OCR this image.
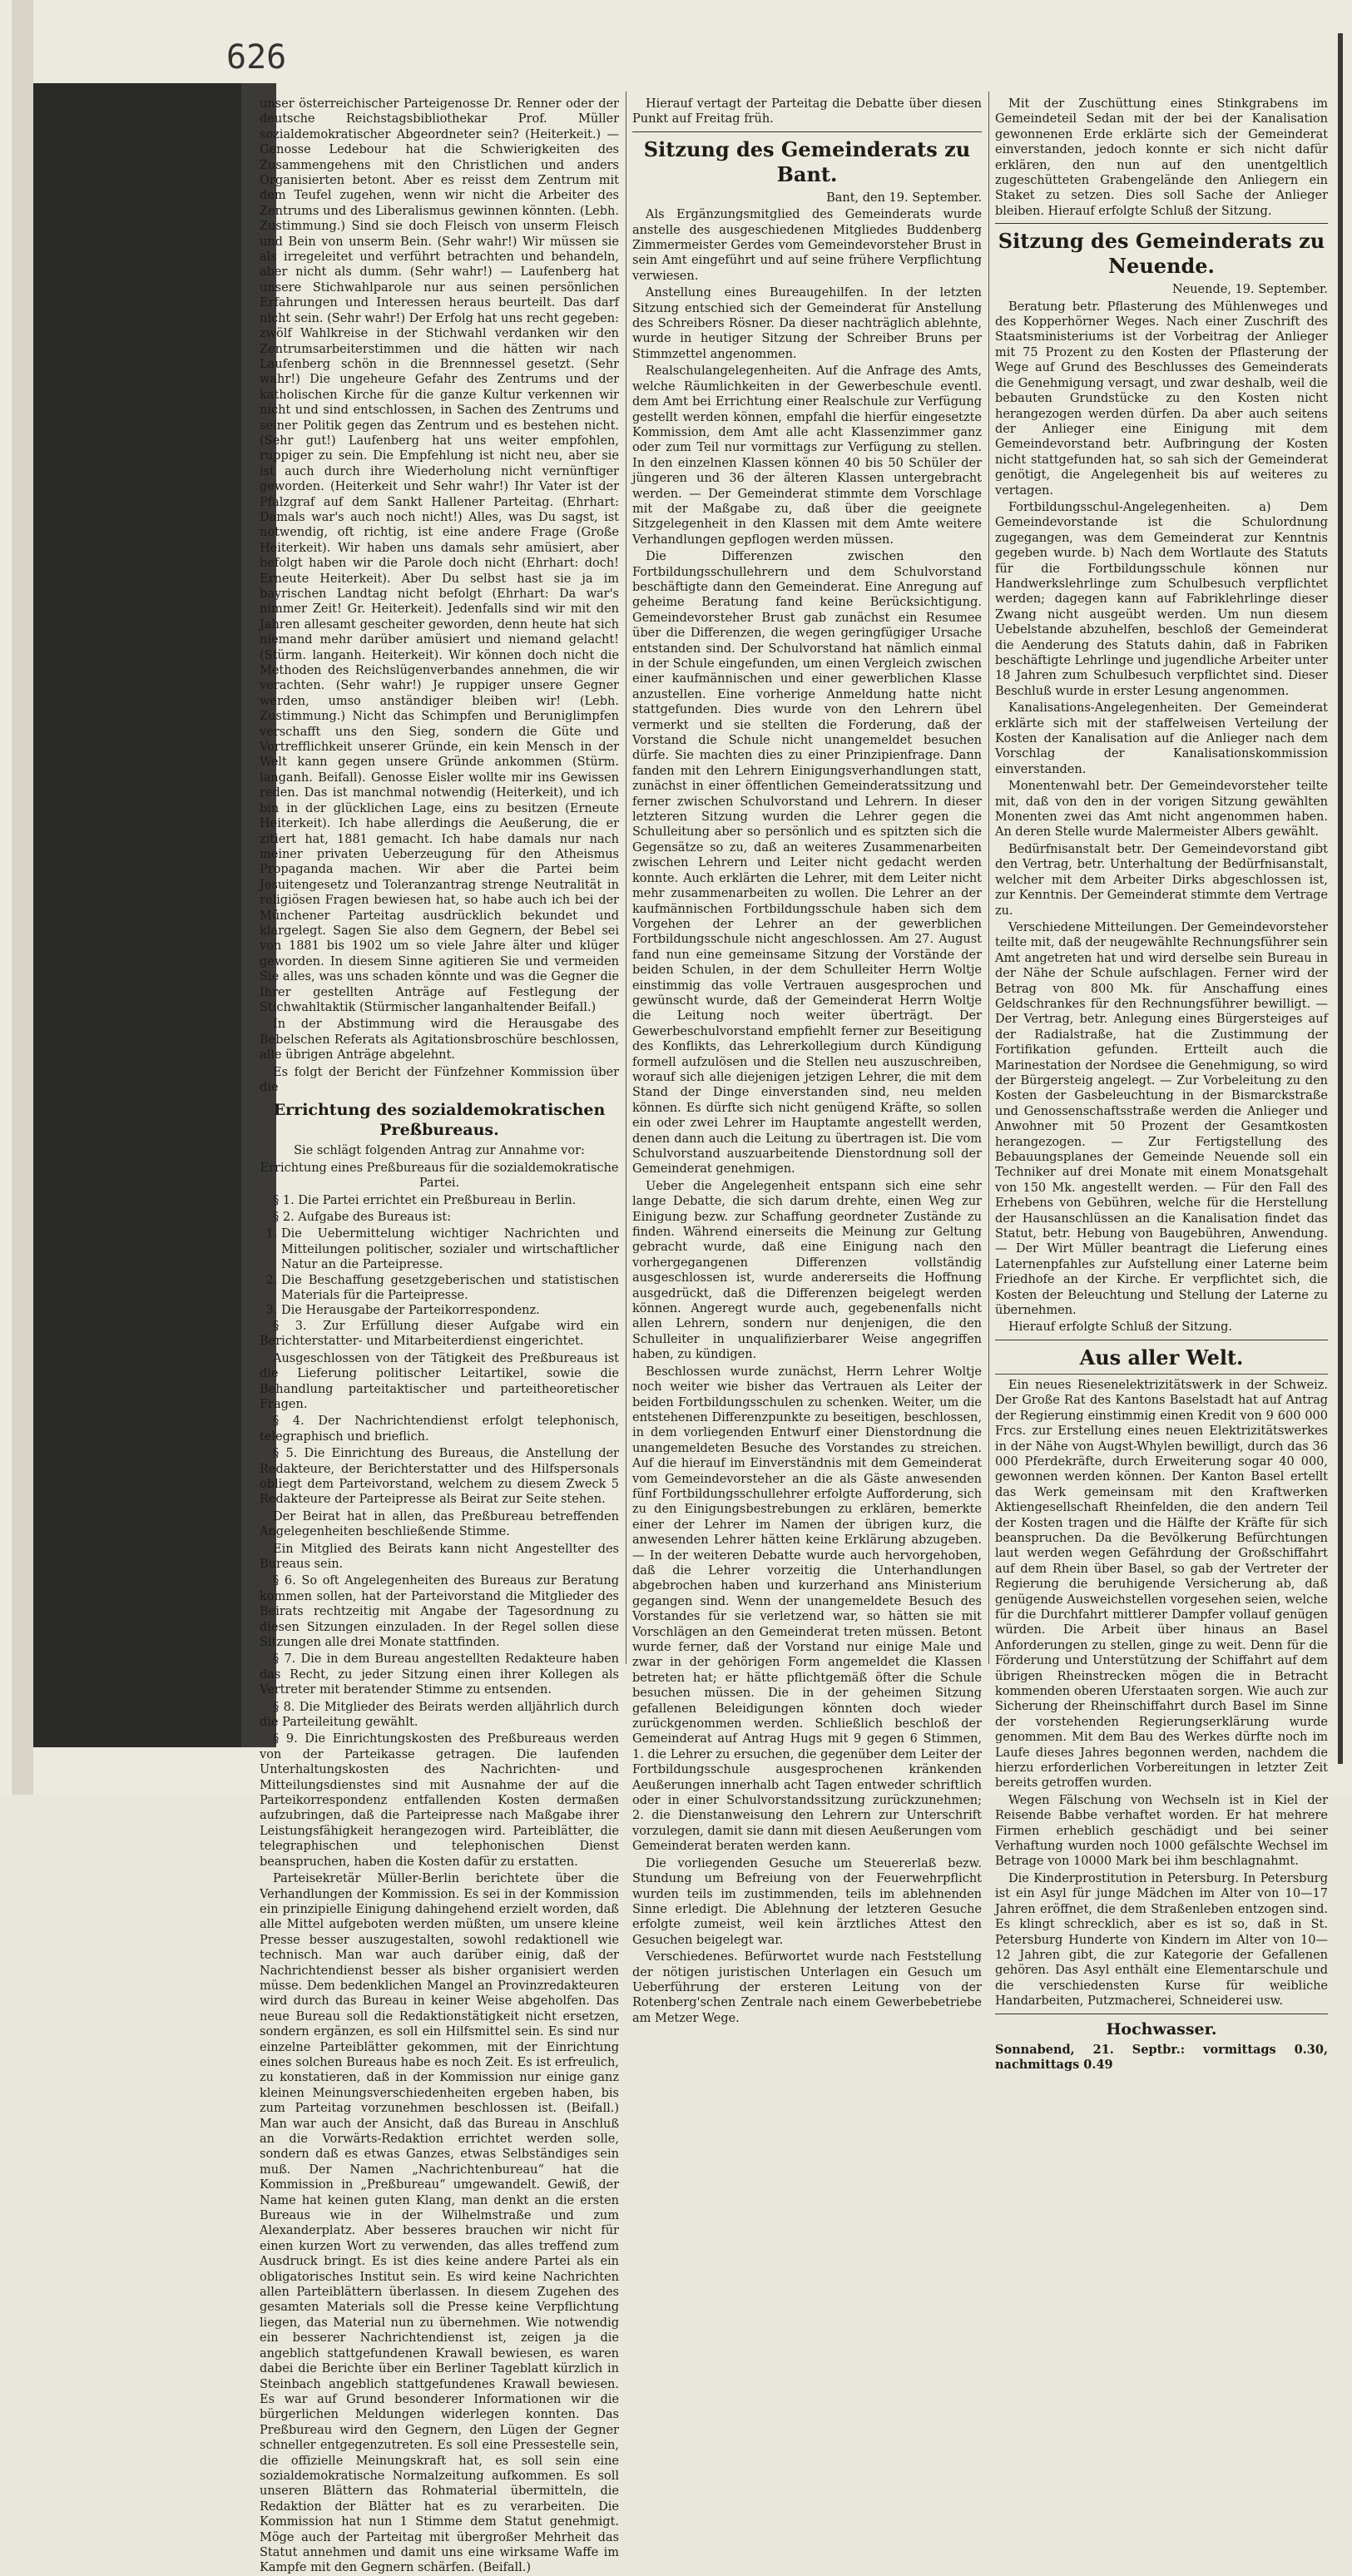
626

unser österreichischer Parteigenosse Dr. Renner oder der deutsche Reichstagsbibliothekar Prof. Müller sozialdemokratischer Abgeordneter sein? (Heiterkeit.) — Genosse Ledebour hat die Schwierigkeiten des Zusammengehens mit den Christlichen und anders Organisierten betont. Aber es reisst dem Zentrum mit dem Teufel zugehen, wenn wir nicht die Arbeiter des Zentrums und des Liberalismus gewinnen könnten. (Lebh. Zustimmung.) Sind sie doch Fleisch von unserm Fleisch und Bein von unserm Bein. (Sehr wahr!) Wir müssen sie als irregeleitet und verführt betrachten und behandeln, aber nicht als dumm. (Sehr wahr!) — Laufenberg hat unsere Stichwahlparole nur aus seinen persönlichen Erfahrungen und Interessen heraus beurteilt. Das darf nicht sein. (Sehr wahr!) Der Erfolg hat uns recht gegeben: zwölf Wahlkreise in der Stichwahl verdanken wir den Zentrumsarbeiterstimmen und die hätten wir nach Laufenberg schön in die Brennnessel gesetzt. (Sehr wahr!) Die ungeheure Gefahr des Zentrums und der katholischen Kirche für die ganze Kultur verkennen wir nicht und sind entschlossen, in Sachen des Zentrums und seiner Politik gegen das Zentrum und es bestehen nicht. (Sehr gut!) Laufenberg hat uns weiter empfohlen, ruppiger zu sein. Die Empfehlung ist nicht neu, aber sie ist auch durch ihre Wiederholung nicht vernünftiger geworden. (Heiterkeit und Sehr wahr!) Ihr Vater ist der Pfalzgraf auf dem Sankt Hallener Parteitag. (Ehrhart: Damals war's auch noch nicht!) Alles, was Du sagst, ist notwendig, oft richtig, ist eine andere Frage (Große Heiterkeit). Wir haben uns damals sehr amüsiert, aber befolgt haben wir die Parole doch nicht (Ehrhart: doch! Erneute Heiterkeit). Aber Du selbst hast sie ja im bayrischen Landtag nicht befolgt (Ehrhart: Da war's nimmer Zeit! Gr. Heiterkeit). Jedenfalls sind wir mit den Jahren allesamt gescheiter geworden, denn heute hat sich niemand mehr darüber amüsiert und niemand gelacht! (Stürm. langanh. Heiterkeit). Wir können doch nicht die Methoden des Reichslügenverbandes annehmen, die wir verachten. (Sehr wahr!) Je ruppiger unsere Gegner werden, umso anständiger bleiben wir! (Lebh. Zustimmung.) Nicht das Schimpfen und Beruniglimpfen verschafft uns den Sieg, sondern die Güte und Vortrefflichkeit unserer Gründe, ein kein Mensch in der Welt kann gegen unsere Gründe ankommen (Stürm. langanh. Beifall). Genosse Eisler wollte mir ins Gewissen reden. Das ist manchmal notwendig (Heiterkeit), und ich bin in der glücklichen Lage, eins zu besitzen (Erneute Heiterkeit). Ich habe allerdings die Aeußerung, die er zitiert hat, 1881 gemacht. Ich habe damals nur nach meiner privaten Ueberzeugung für den Atheismus Propaganda machen. Wir aber die Partei beim Jesuitengesetz und Toleranzantrag strenge Neutralität in religiösen Fragen bewiesen hat, so habe auch ich bei der Münchener Parteitag ausdrücklich bekundet und klargelegt. Sagen Sie also dem Gegnern, der Bebel sei von 1881 bis 1902 um so viele Jahre älter und klüger geworden. In diesem Sinne agitieren Sie und vermeiden Sie alles, was uns schaden könnte und was die Gegner die Ihrer gestellten Anträge auf Festlegung der Stichwahltaktik (Stürmischer langanhaltender Beifall.)

In der Abstimmung wird die Herausgabe des Bebelschen Referats als Agitationsbroschüre beschlossen, alle übrigen Anträge abgelehnt.

Es folgt der Bericht der Fünfzehner Kommission über die

Errichtung des sozialdemokratischen Preßbureaus.

Sie schlägt folgenden Antrag zur Annahme vor:

Errichtung eines Preßbureaus für die sozialdemokratische Partei.

§ 1. Die Partei errichtet ein Preßbureau in Berlin.

§ 2. Aufgabe des Bureaus ist:

1. Die Uebermittelung wichtiger Nachrichten und Mitteilungen politischer, sozialer und wirtschaftlicher Natur an die Parteipresse.
2. Die Beschaffung gesetzgeberischen und statistischen Materials für die Parteipresse.
3. Die Herausgabe der Parteikorrespondenz.

§ 3. Zur Erfüllung dieser Aufgabe wird ein Berichterstatter- und Mitarbeiterdienst eingerichtet.

Ausgeschlossen von der Tätigkeit des Preßbureaus ist die Lieferung politischer Leitartikel, sowie die Behandlung parteitaktischer und parteitheoretischer Fragen.

§ 4. Der Nachrichtendienst erfolgt telephonisch, telegraphisch und brieflich.

§ 5. Die Einrichtung des Bureaus, die Anstellung der Redakteure, der Berichterstatter und des Hilfspersonals obliegt dem Parteivorstand, welchem zu diesem Zweck 5 Redakteure der Parteipresse als Beirat zur Seite stehen.

Der Beirat hat in allen, das Preßbureau betreffenden Angelegenheiten beschließende Stimme.

Ein Mitglied des Beirats kann nicht Angestellter des Bureaus sein.

§ 6. So oft Angelegenheiten des Bureaus zur Beratung kommen sollen, hat der Parteivorstand die Mitglieder des Beirats rechtzeitig mit Angabe der Tagesordnung zu diesen Sitzungen einzuladen. In der Regel sollen diese Sitzungen alle drei Monate stattfinden.

§ 7. Die in dem Bureau angestellten Redakteure haben das Recht, zu jeder Sitzung einen ihrer Kollegen als Vertreter mit beratender Stimme zu entsenden.

§ 8. Die Mitglieder des Beirats werden alljährlich durch die Parteileitung gewählt.

§ 9. Die Einrichtungskosten des Preßbureaus werden von der Parteikasse getragen. Die laufenden Unterhaltungskosten des Nachrichten- und Mitteilungsdienstes sind mit Ausnahme der auf die Parteikorrespondenz entfallenden Kosten dermaßen aufzubringen, daß die Parteipresse nach Maßgabe ihrer Leistungsfähigkeit herangezogen wird. Parteiblätter, die telegraphischen und telephonischen Dienst beanspruchen, haben die Kosten dafür zu erstatten.

Parteisekretär Müller-Berlin berichtete über die Verhandlungen der Kommission. Es sei in der Kommission ein prinzipielle Einigung dahingehend erzielt worden, daß alle Mittel aufgeboten werden müßten, um unsere kleine Presse besser auszugestalten, sowohl redaktionell wie technisch. Man war auch darüber einig, daß der Nachrichtendienst besser als bisher organisiert werden müsse. Dem bedenklichen Mangel an Provinzredakteuren wird durch das Bureau in keiner Weise abgeholfen. Das neue Bureau soll die Redaktionstätigkeit nicht ersetzen, sondern ergänzen, es soll ein Hilfsmittel sein. Es sind nur einzelne Parteiblätter gekommen, mit der Einrichtung eines solchen Bureaus habe es noch Zeit. Es ist erfreulich, zu konstatieren, daß in der Kommission nur einige ganz kleinen Meinungsverschiedenheiten ergeben haben, bis zum Parteitag vorzunehmen beschlossen ist. (Beifall.) Man war auch der Ansicht, daß das Bureau in Anschluß an die Vorwärts-Redaktion errichtet werden solle, sondern daß es etwas Ganzes, etwas Selbständiges sein muß. Der Namen „Nachrichtenbureau“ hat die Kommission in „Preßbureau“ umgewandelt. Gewiß, der Name hat keinen guten Klang, man denkt an die ersten Bureaus wie in der Wilhelmstraße und zum Alexanderplatz. Aber besseres brauchen wir nicht für einen kurzen Wort zu verwenden, das alles treffend zum Ausdruck bringt. Es ist dies keine andere Partei als ein obligatorisches Institut sein. Es wird keine Nachrichten allen Parteiblättern überlassen. In diesem Zugehen des gesamten Materials soll die Presse keine Verpflichtung liegen, das Material nun zu übernehmen. Wie notwendig ein besserer Nachrichtendienst ist, zeigen ja die angeblich stattgefundenen Krawall bewiesen, es waren dabei die Berichte über ein Berliner Tageblatt kürzlich in Steinbach angeblich stattgefundenes Krawall bewiesen. Es war auf Grund besonderer Informationen wir die bürgerlichen Meldungen widerlegen konnten. Das Preßbureau wird den Gegnern, den Lügen der Gegner schneller entgegenzutreten. Es soll eine Pressestelle sein, die offizielle Meinungskraft hat, es soll sein eine sozialdemokratische Normalzeitung aufkommen. Es soll unseren Blättern das Rohmaterial übermitteln, die Redaktion der Blätter hat es zu verarbeiten. Die Kommission hat nun 1 Stimme dem Statut genehmigt. Möge auch der Parteitag mit übergroßer Mehrheit das Statut annehmen und damit uns eine wirksame Waffe im Kampfe mit den Gegnern schärfen. (Beifall.)

Hierauf vertagt der Parteitag die Debatte über diesen Punkt auf Freitag früh.

Sitzung des Gemeinderats zu Bant.

Bant, den 19. September.

Als Ergänzungsmitglied des Gemeinderats wurde anstelle des ausgeschiedenen Mitgliedes Buddenberg Zimmermeister Gerdes vom Gemeindevorsteher Brust in sein Amt eingeführt und auf seine frühere Verpflichtung verwiesen.

Anstellung eines Bureaugehilfen. In der letzten Sitzung entschied sich der Gemeinderat für Anstellung des Schreibers Rösner. Da dieser nachträglich ablehnte, wurde in heutiger Sitzung der Schreiber Bruns per Stimmzettel angenommen.

Realschulangelegenheiten. Auf die Anfrage des Amts, welche Räumlichkeiten in der Gewerbeschule eventl. dem Amt bei Errichtung einer Realschule zur Verfügung gestellt werden können, empfahl die hierfür eingesetzte Kommission, dem Amt alle acht Klassenzimmer ganz oder zum Teil nur vormittags zur Verfügung zu stellen. In den einzelnen Klassen können 40 bis 50 Schüler der jüngeren und 36 der älteren Klassen untergebracht werden. — Der Gemeinderat stimmte dem Vorschlage mit der Maßgabe zu, daß über die geeignete Sitzgelegenheit in den Klassen mit dem Amte weitere Verhandlungen gepflogen werden müssen.

Die Differenzen zwischen den Fortbildungsschullehrern und dem Schulvorstand beschäftigte dann den Gemeinderat. Eine Anregung auf geheime Beratung fand keine Berücksichtigung. Gemeindevorsteher Brust gab zunächst ein Resumee über die Differenzen, die wegen geringfügiger Ursache entstanden sind. Der Schulvorstand hat nämlich einmal in der Schule eingefunden, um einen Vergleich zwischen einer kaufmännischen und einer gewerblichen Klasse anzustellen. Eine vorherige Anmeldung hatte nicht stattgefunden. Dies wurde von den Lehrern übel vermerkt und sie stellten die Forderung, daß der Vorstand die Schule nicht unangemeldet besuchen dürfe. Sie machten dies zu einer Prinzipienfrage. Dann fanden mit den Lehrern Einigungsverhandlungen statt, zunächst in einer öffentlichen Gemeinderatssitzung und ferner zwischen Schulvorstand und Lehrern. In dieser letzteren Sitzung wurden die Lehrer gegen die Schulleitung aber so persönlich und es spitzten sich die Gegensätze so zu, daß an weiteres Zusammenarbeiten zwischen Lehrern und Leiter nicht gedacht werden konnte. Auch erklärten die Lehrer, mit dem Leiter nicht mehr zusammenarbeiten zu wollen. Die Lehrer an der kaufmännischen Fortbildungsschule haben sich dem Vorgehen der Lehrer an der gewerblichen Fortbildungsschule nicht angeschlossen. Am 27. August fand nun eine gemeinsame Sitzung der Vorstände der beiden Schulen, in der dem Schulleiter Herrn Woltje einstimmig das volle Vertrauen ausgesprochen und gewünscht wurde, daß der Gemeinderat Herrn Woltje die Leitung noch weiter überträgt. Der Gewerbeschulvorstand empfiehlt ferner zur Beseitigung des Konflikts, das Lehrerkollegium durch Kündigung formell aufzulösen und die Stellen neu auszuschreiben, worauf sich alle diejenigen jetzigen Lehrer, die mit dem Stand der Dinge einverstanden sind, neu melden können. Es dürfte sich nicht genügend Kräfte, so sollen ein oder zwei Lehrer im Hauptamte angestellt werden, denen dann auch die Leitung zu übertragen ist. Die vom Schulvorstand auszuarbeitende Dienstordnung soll der Gemeinderat genehmigen.

Ueber die Angelegenheit entspann sich eine sehr lange Debatte, die sich darum drehte, einen Weg zur Einigung bezw. zur Schaffung geordneter Zustände zu finden. Während einerseits die Meinung zur Geltung gebracht wurde, daß eine Einigung nach den vorhergegangenen Differenzen vollständig ausgeschlossen ist, wurde andererseits die Hoffnung ausgedrückt, daß die Differenzen beigelegt werden können. Angeregt wurde auch, gegebenenfalls nicht allen Lehrern, sondern nur denjenigen, die den Schulleiter in unqualifizierbarer Weise angegriffen haben, zu kündigen.

Beschlossen wurde zunächst, Herrn Lehrer Woltje noch weiter wie bisher das Vertrauen als Leiter der beiden Fortbildungsschulen zu schenken. Weiter, um die entstehenen Differenzpunkte zu beseitigen, beschlossen, in dem vorliegenden Entwurf einer Dienstordnung die unangemeldeten Besuche des Vorstandes zu streichen. Auf die hierauf im Einverständnis mit dem Gemeinderat vom Gemeindevorsteher an die als Gäste anwesenden fünf Fortbildungsschullehrer erfolgte Aufforderung, sich zu den Einigungsbestrebungen zu erklären, bemerkte einer der Lehrer im Namen der übrigen kurz, die anwesenden Lehrer hätten keine Erklärung abzugeben. — In der weiteren Debatte wurde auch hervorgehoben, daß die Lehrer vorzeitig die Unterhandlungen abgebrochen haben und kurzerhand ans Ministerium gegangen sind. Wenn der unangemeldete Besuch des Vorstandes für sie verletzend war, so hätten sie mit Vorschlägen an den Gemeinderat treten müssen. Betont wurde ferner, daß der Vorstand nur einige Male und zwar in der gehörigen Form angemeldet die Klassen betreten hat; er hätte pflichtgemäß öfter die Schule besuchen müssen. Die in der geheimen Sitzung gefallenen Beleidigungen könnten doch wieder zurückgenommen werden. Schließlich beschloß der Gemeinderat auf Antrag Hugs mit 9 gegen 6 Stimmen, 1. die Lehrer zu ersuchen, die gegenüber dem Leiter der Fortbildungsschule ausgesprochenen kränkenden Aeußerungen innerhalb acht Tagen entweder schriftlich oder in einer Schulvorstandssitzung zurückzunehmen; 2. die Dienstanweisung den Lehrern zur Unterschrift vorzulegen, damit sie dann mit diesen Aeußerungen vom Gemeinderat beraten werden kann.

Die vorliegenden Gesuche um Steuererlaß bezw. Stundung um Befreiung von der Feuerwehrpflicht wurden teils im zustimmenden, teils im ablehnenden Sinne erledigt. Die Ablehnung der letzteren Gesuche erfolgte zumeist, weil kein ärztliches Attest den Gesuchen beigelegt war.

Verschiedenes. Befürwortet wurde nach Feststellung der nötigen juristischen Unterlagen ein Gesuch um Ueberführung der ersteren Leitung von der Rotenberg'schen Zentrale nach einem Gewerbebetriebe am Metzer Wege.

Mit der Zuschüttung eines Stinkgrabens im Gemeindeteil Sedan mit der bei der Kanalisation gewonnenen Erde erklärte sich der Gemeinderat einverstanden, jedoch konnte er sich nicht dafür erklären, den nun auf den unentgeltlich zugeschütteten Grabengelände den Anliegern ein Staket zu setzen. Dies soll Sache der Anlieger bleiben. Hierauf erfolgte Schluß der Sitzung.

Sitzung des Gemeinderats zu Neuende.

Neuende, 19. September.

Beratung betr. Pflasterung des Mühlenweges und des Kopperhörner Weges. Nach einer Zuschrift des Staatsministeriums ist der Vorbeitrag der Anlieger mit 75 Prozent zu den Kosten der Pflasterung der Wege auf Grund des Beschlusses des Gemeinderats die Genehmigung versagt, und zwar deshalb, weil die bebauten Grundstücke zu den Kosten nicht herangezogen werden dürfen. Da aber auch seitens der Anlieger eine Einigung mit dem Gemeindevorstand betr. Aufbringung der Kosten nicht stattgefunden hat, so sah sich der Gemeinderat genötigt, die Angelegenheit bis auf weiteres zu vertagen.

Fortbildungsschul-Angelegenheiten. a) Dem Gemeindevorstande ist die Schulordnung zugegangen, was dem Gemeinderat zur Kenntnis gegeben wurde. b) Nach dem Wortlaute des Statuts für die Fortbildungsschule können nur Handwerkslehrlinge zum Schulbesuch verpflichtet werden; dagegen kann auf Fabriklehrlinge dieser Zwang nicht ausgeübt werden. Um nun diesem Uebelstande abzuhelfen, beschloß der Gemeinderat die Aenderung des Statuts dahin, daß in Fabriken beschäftigte Lehrlinge und jugendliche Arbeiter unter 18 Jahren zum Schulbesuch verpflichtet sind. Dieser Beschluß wurde in erster Lesung angenommen.

Kanalisations-Angelegenheiten. Der Gemeinderat erklärte sich mit der staffelweisen Verteilung der Kosten der Kanalisation auf die Anlieger nach dem Vorschlag der Kanalisationskommission einverstanden.

Monentenwahl betr. Der Gemeindevorsteher teilte mit, daß von den in der vorigen Sitzung gewählten Monenten zwei das Amt nicht angenommen haben. An deren Stelle wurde Malermeister Albers gewählt.

Bedürfnisanstalt betr. Der Gemeindevorstand gibt den Vertrag, betr. Unterhaltung der Bedürfnisanstalt, welcher mit dem Arbeiter Dirks abgeschlossen ist, zur Kenntnis. Der Gemeinderat stimmte dem Vertrage zu.

Verschiedene Mitteilungen. Der Gemeindevorsteher teilte mit, daß der neugewählte Rechnungsführer sein Amt angetreten hat und wird derselbe sein Bureau in der Nähe der Schule aufschlagen. Ferner wird der Betrag von 800 Mk. für Anschaffung eines Geldschrankes für den Rechnungsführer bewilligt. — Der Vertrag, betr. Anlegung eines Bürgersteiges auf der Radialstraße, hat die Zustimmung der Fortifikation gefunden. Ertteilt auch die Marinestation der Nordsee die Genehmigung, so wird der Bürgersteig angelegt. — Zur Vorbeleitung zu den Kosten der Gasbeleuchtung in der Bismarckstraße und Genossenschaftsstraße werden die Anlieger und Anwohner mit 50 Prozent der Gesamtkosten herangezogen. — Zur Fertigstellung des Bebauungsplanes der Gemeinde Neuende soll ein Techniker auf drei Monate mit einem Monatsgehalt von 150 Mk. angestellt werden. — Für den Fall des Erhebens von Gebühren, welche für die Herstellung der Hausanschlüssen an die Kanalisation findet das Statut, betr. Hebung von Baugebühren, Anwendung. — Der Wirt Müller beantragt die Lieferung eines Laternenpfahles zur Aufstellung einer Laterne beim Friedhofe an der Kirche. Er verpflichtet sich, die Kosten der Beleuchtung und Stellung der Laterne zu übernehmen.

Hierauf erfolgte Schluß der Sitzung.

Aus aller Welt.

Ein neues Riesenelektrizitätswerk in der Schweiz. Der Große Rat des Kantons Baselstadt hat auf Antrag der Regierung einstimmig einen Kredit von 9 600 000 Frcs. zur Erstellung eines neuen Elektrizitätswerkes in der Nähe von Augst-Whylen bewilligt, durch das 36 000 Pferdekräfte, durch Erweiterung sogar 40 000, gewonnen werden können. Der Kanton Basel ertellt das Werk gemeinsam mit den Kraftwerken Aktiengesellschaft Rheinfelden, die den andern Teil der Kosten tragen und die Hälfte der Kräfte für sich beanspruchen. Da die Bevölkerung Befürchtungen laut werden wegen Gefährdung der Großschiffahrt auf dem Rhein über Basel, so gab der Vertreter der Regierung die beruhigende Versicherung ab, daß genügende Ausweichstellen vorgesehen seien, welche für die Durchfahrt mittlerer Dampfer vollauf genügen würden. Die Arbeit über hinaus an Basel Anforderungen zu stellen, ginge zu weit. Denn für die Förderung und Unterstützung der Schiffahrt auf dem übrigen Rheinstrecken mögen die in Betracht kommenden oberen Uferstaaten sorgen. Wie auch zur Sicherung der Rheinschiffahrt durch Basel im Sinne der vorstehenden Regierungserklärung wurde genommen. Mit dem Bau des Werkes dürfte noch im Laufe dieses Jahres begonnen werden, nachdem die hierzu erforderlichen Vorbereitungen in letzter Zeit bereits getroffen wurden.

Wegen Fälschung von Wechseln ist in Kiel der Reisende Babbe verhaftet worden. Er hat mehrere Firmen erheblich geschädigt und bei seiner Verhaftung wurden noch 1000 gefälschte Wechsel im Betrage von 10000 Mark bei ihm beschlagnahmt.

Die Kinderprostitution in Petersburg. In Petersburg ist ein Asyl für junge Mädchen im Alter von 10—17 Jahren eröffnet, die dem Straßenleben entzogen sind. Es klingt schrecklich, aber es ist so, daß in St. Petersburg Hunderte von Kindern im Alter von 10—12 Jahren gibt, die zur Kategorie der Gefallenen gehören. Das Asyl enthält eine Elementarschule und die verschiedensten Kurse für weibliche Handarbeiten, Putzmacherei, Schneiderei usw.

Hochwasser.

Sonnabend, 21. Septbr.: vormittags 0.30, nachmittags 0.49
